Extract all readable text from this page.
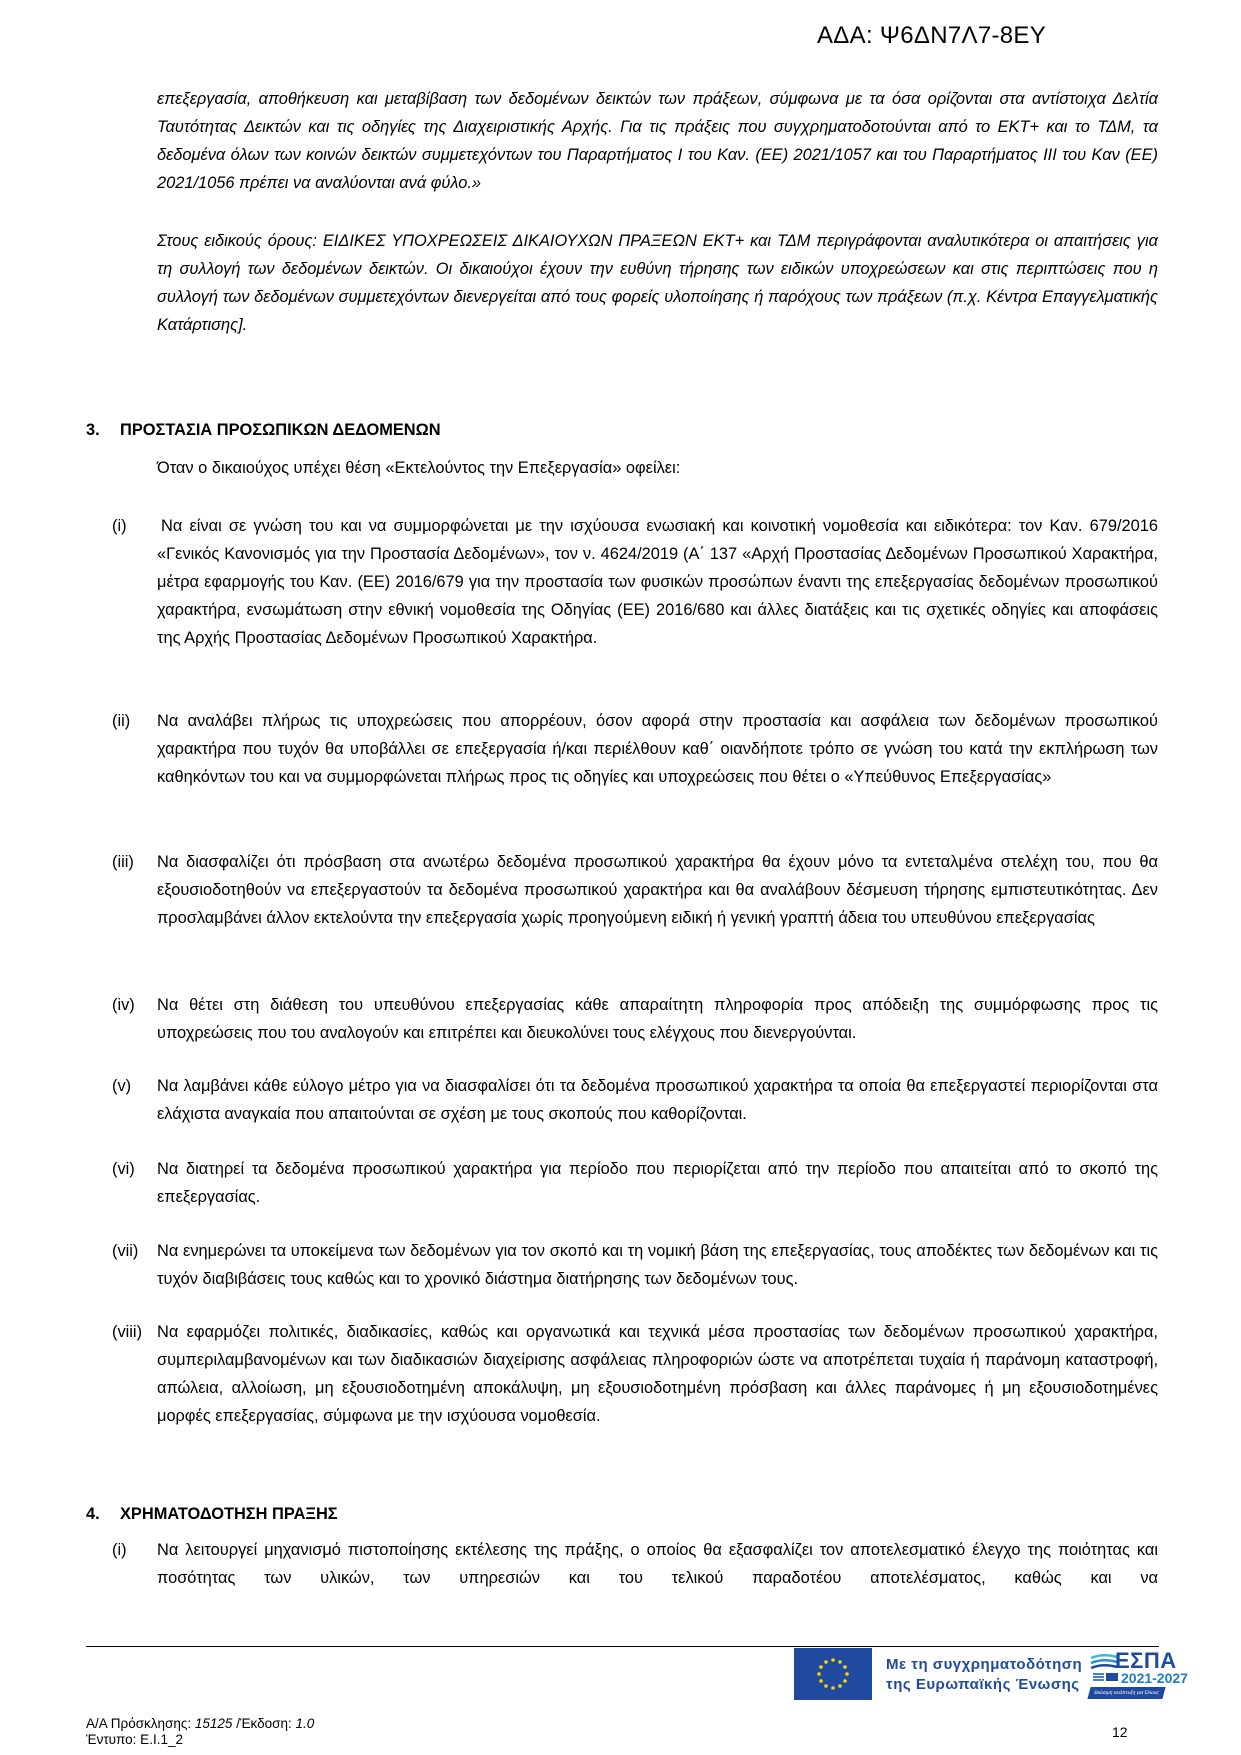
ΑΔΑ: Ψ6ΔΝ7Λ7-8ΕΥ
επεξεργασία, αποθήκευση και μεταβίβαση των δεδομένων δεικτών των πράξεων, σύμφωνα με τα όσα ορίζονται στα αντίστοιχα Δελτία Ταυτότητας Δεικτών και τις οδηγίες της Διαχειριστικής Αρχής. Για τις πράξεις που συγχρηματοδοτούνται από το ΕΚΤ+ και το ΤΔΜ, τα δεδομένα όλων των κοινών δεικτών συμμετεχόντων του Παραρτήματος Ι του Καν. (ΕΕ) 2021/1057 και του Παραρτήματος ΙΙΙ του Καν (ΕΕ) 2021/1056 πρέπει να αναλύονται ανά φύλο.»
Στους ειδικούς όρους: ΕΙΔΙΚΕΣ ΥΠΟΧΡΕΩΣΕΙΣ ΔΙΚΑΙΟΥΧΩΝ ΠΡΑΞΕΩΝ ΕΚΤ+ και ΤΔΜ περιγράφονται αναλυτικότερα οι απαιτήσεις για τη συλλογή των δεδομένων δεικτών. Οι δικαιούχοι έχουν την ευθύνη τήρησης των ειδικών υποχρεώσεων και στις περιπτώσεις που η συλλογή των δεδομένων συμμετεχόντων διενεργείται από τους φορείς υλοποίησης ή παρόχους των πράξεων (π.χ. Κέντρα Επαγγελματικής Κατάρτισης].
3. ΠΡΟΣΤΑΣΙΑ ΠΡΟΣΩΠΙΚΩΝ ΔΕΔΟΜΕΝΩΝ
Όταν ο δικαιούχος υπέχει θέση «Εκτελούντος την Επεξεργασία» οφείλει:
(i) Να είναι σε γνώση του και να συμμορφώνεται με την ισχύουσα ενωσιακή και κοινοτική νομοθεσία και ειδικότερα: τον Καν. 679/2016 «Γενικός Κανονισμός για την Προστασία Δεδομένων», τον ν. 4624/2019 (Α΄ 137 «Αρχή Προστασίας Δεδομένων Προσωπικού Χαρακτήρα, μέτρα εφαρμογής του Καν. (ΕΕ) 2016/679 για την προστασία των φυσικών προσώπων έναντι της επεξεργασίας δεδομένων προσωπικού χαρακτήρα, ενσωμάτωση στην εθνική νομοθεσία της Οδηγίας (ΕΕ) 2016/680 και άλλες διατάξεις και τις σχετικές οδηγίες και αποφάσεις της Αρχής Προστασίας Δεδομένων Προσωπικού Χαρακτήρα.
(ii) Να αναλάβει πλήρως τις υποχρεώσεις που απορρέουν, όσον αφορά στην προστασία και ασφάλεια των δεδομένων προσωπικού χαρακτήρα που τυχόν θα υποβάλλει σε επεξεργασία ή/και περιέλθουν καθ΄ οιανδήποτε τρόπο σε γνώση του κατά την εκπλήρωση των καθηκόντων του και να συμμορφώνεται πλήρως προς τις οδηγίες και υποχρεώσεις που θέτει ο «Υπεύθυνος Επεξεργασίας»
(iii) Να διασφαλίζει ότι πρόσβαση στα ανωτέρω δεδομένα προσωπικού χαρακτήρα θα έχουν μόνο τα εντεταλμένα στελέχη του, που θα εξουσιοδοτηθούν να επεξεργαστούν τα δεδομένα προσωπικού χαρακτήρα και θα αναλάβουν δέσμευση τήρησης εμπιστευτικότητας. Δεν προσλαμβάνει άλλον εκτελούντα την επεξεργασία χωρίς προηγούμενη ειδική ή γενική γραπτή άδεια του υπευθύνου επεξεργασίας
(iv) Να θέτει στη διάθεση του υπευθύνου επεξεργασίας κάθε απαραίτητη πληροφορία προς απόδειξη της συμμόρφωσης προς τις υποχρεώσεις που του αναλογούν και επιτρέπει και διευκολύνει τους ελέγχους που διενεργούνται.
(v) Να λαμβάνει κάθε εύλογο μέτρο για να διασφαλίσει ότι τα δεδομένα προσωπικού χαρακτήρα τα οποία θα επεξεργαστεί περιορίζονται στα ελάχιστα αναγκαία που απαιτούνται σε σχέση με τους σκοπούς που καθορίζονται.
(vi) Να διατηρεί τα δεδομένα προσωπικού χαρακτήρα για περίοδο που περιορίζεται από την περίοδο που απαιτείται από το σκοπό της επεξεργασίας.
(vii) Να ενημερώνει τα υποκείμενα των δεδομένων για τον σκοπό και τη νομική βάση της επεξεργασίας, τους αποδέκτες των δεδομένων και τις τυχόν διαβιβάσεις τους καθώς και το χρονικό διάστημα διατήρησης των δεδομένων τους.
(viii) Να εφαρμόζει πολιτικές, διαδικασίες, καθώς και οργανωτικά και τεχνικά μέσα προστασίας των δεδομένων προσωπικού χαρακτήρα, συμπεριλαμβανομένων και των διαδικασιών διαχείρισης ασφάλειας πληροφοριών ώστε να αποτρέπεται τυχαία ή παράνομη καταστροφή, απώλεια, αλλοίωση, μη εξουσιοδοτημένη αποκάλυψη, μη εξουσιοδοτημένη πρόσβαση και άλλες παράνομες ή μη εξουσιοδοτημένες μορφές επεξεργασίας, σύμφωνα με την ισχύουσα νομοθεσία.
4. ΧΡΗΜΑΤΟΔΟΤΗΣΗ ΠΡΑΞΗΣ
(i) Να λειτουργεί μηχανισμό πιστοποίησης εκτέλεσης της πράξης, ο οποίος θα εξασφαλίζει τον αποτελεσματικό έλεγχο της ποιότητας και ποσότητας των υλικών, των υπηρεσιών και του τελικού παραδοτέου αποτελέσματος, καθώς και να
Με τη συγχρηματοδότηση
της Ευρωπαϊκής Ένωσης
ΕΣΠΑ
2021-2027
Βιώσιμη ανάπτυξη για Όλους
Α/Α Πρόσκλησης: 15125 /Έκδοση: 1.0
Έντυπο: Ε.Ι.1_2	12
